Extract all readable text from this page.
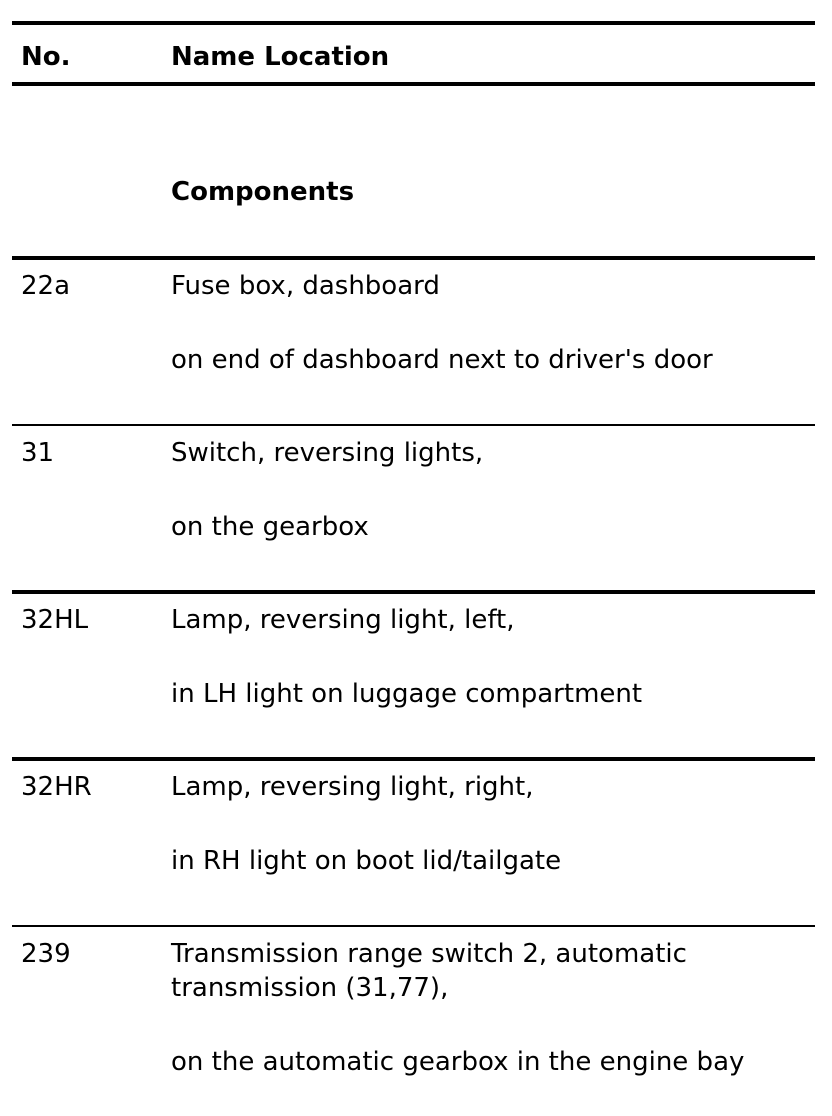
No.	Name Location
Components
22a	Fuse box, dashboard
on end of dashboard next to driver's door
31	Switch, reversing lights,
on the gearbox
32HL	Lamp, reversing light, left,
in LH light on luggage compartment
32HR	Lamp, reversing light, right,
in RH light on boot lid/tailgate
239	Transmission range switch 2, automatic transmission (31,77),
on the automatic gearbox in the engine bay
